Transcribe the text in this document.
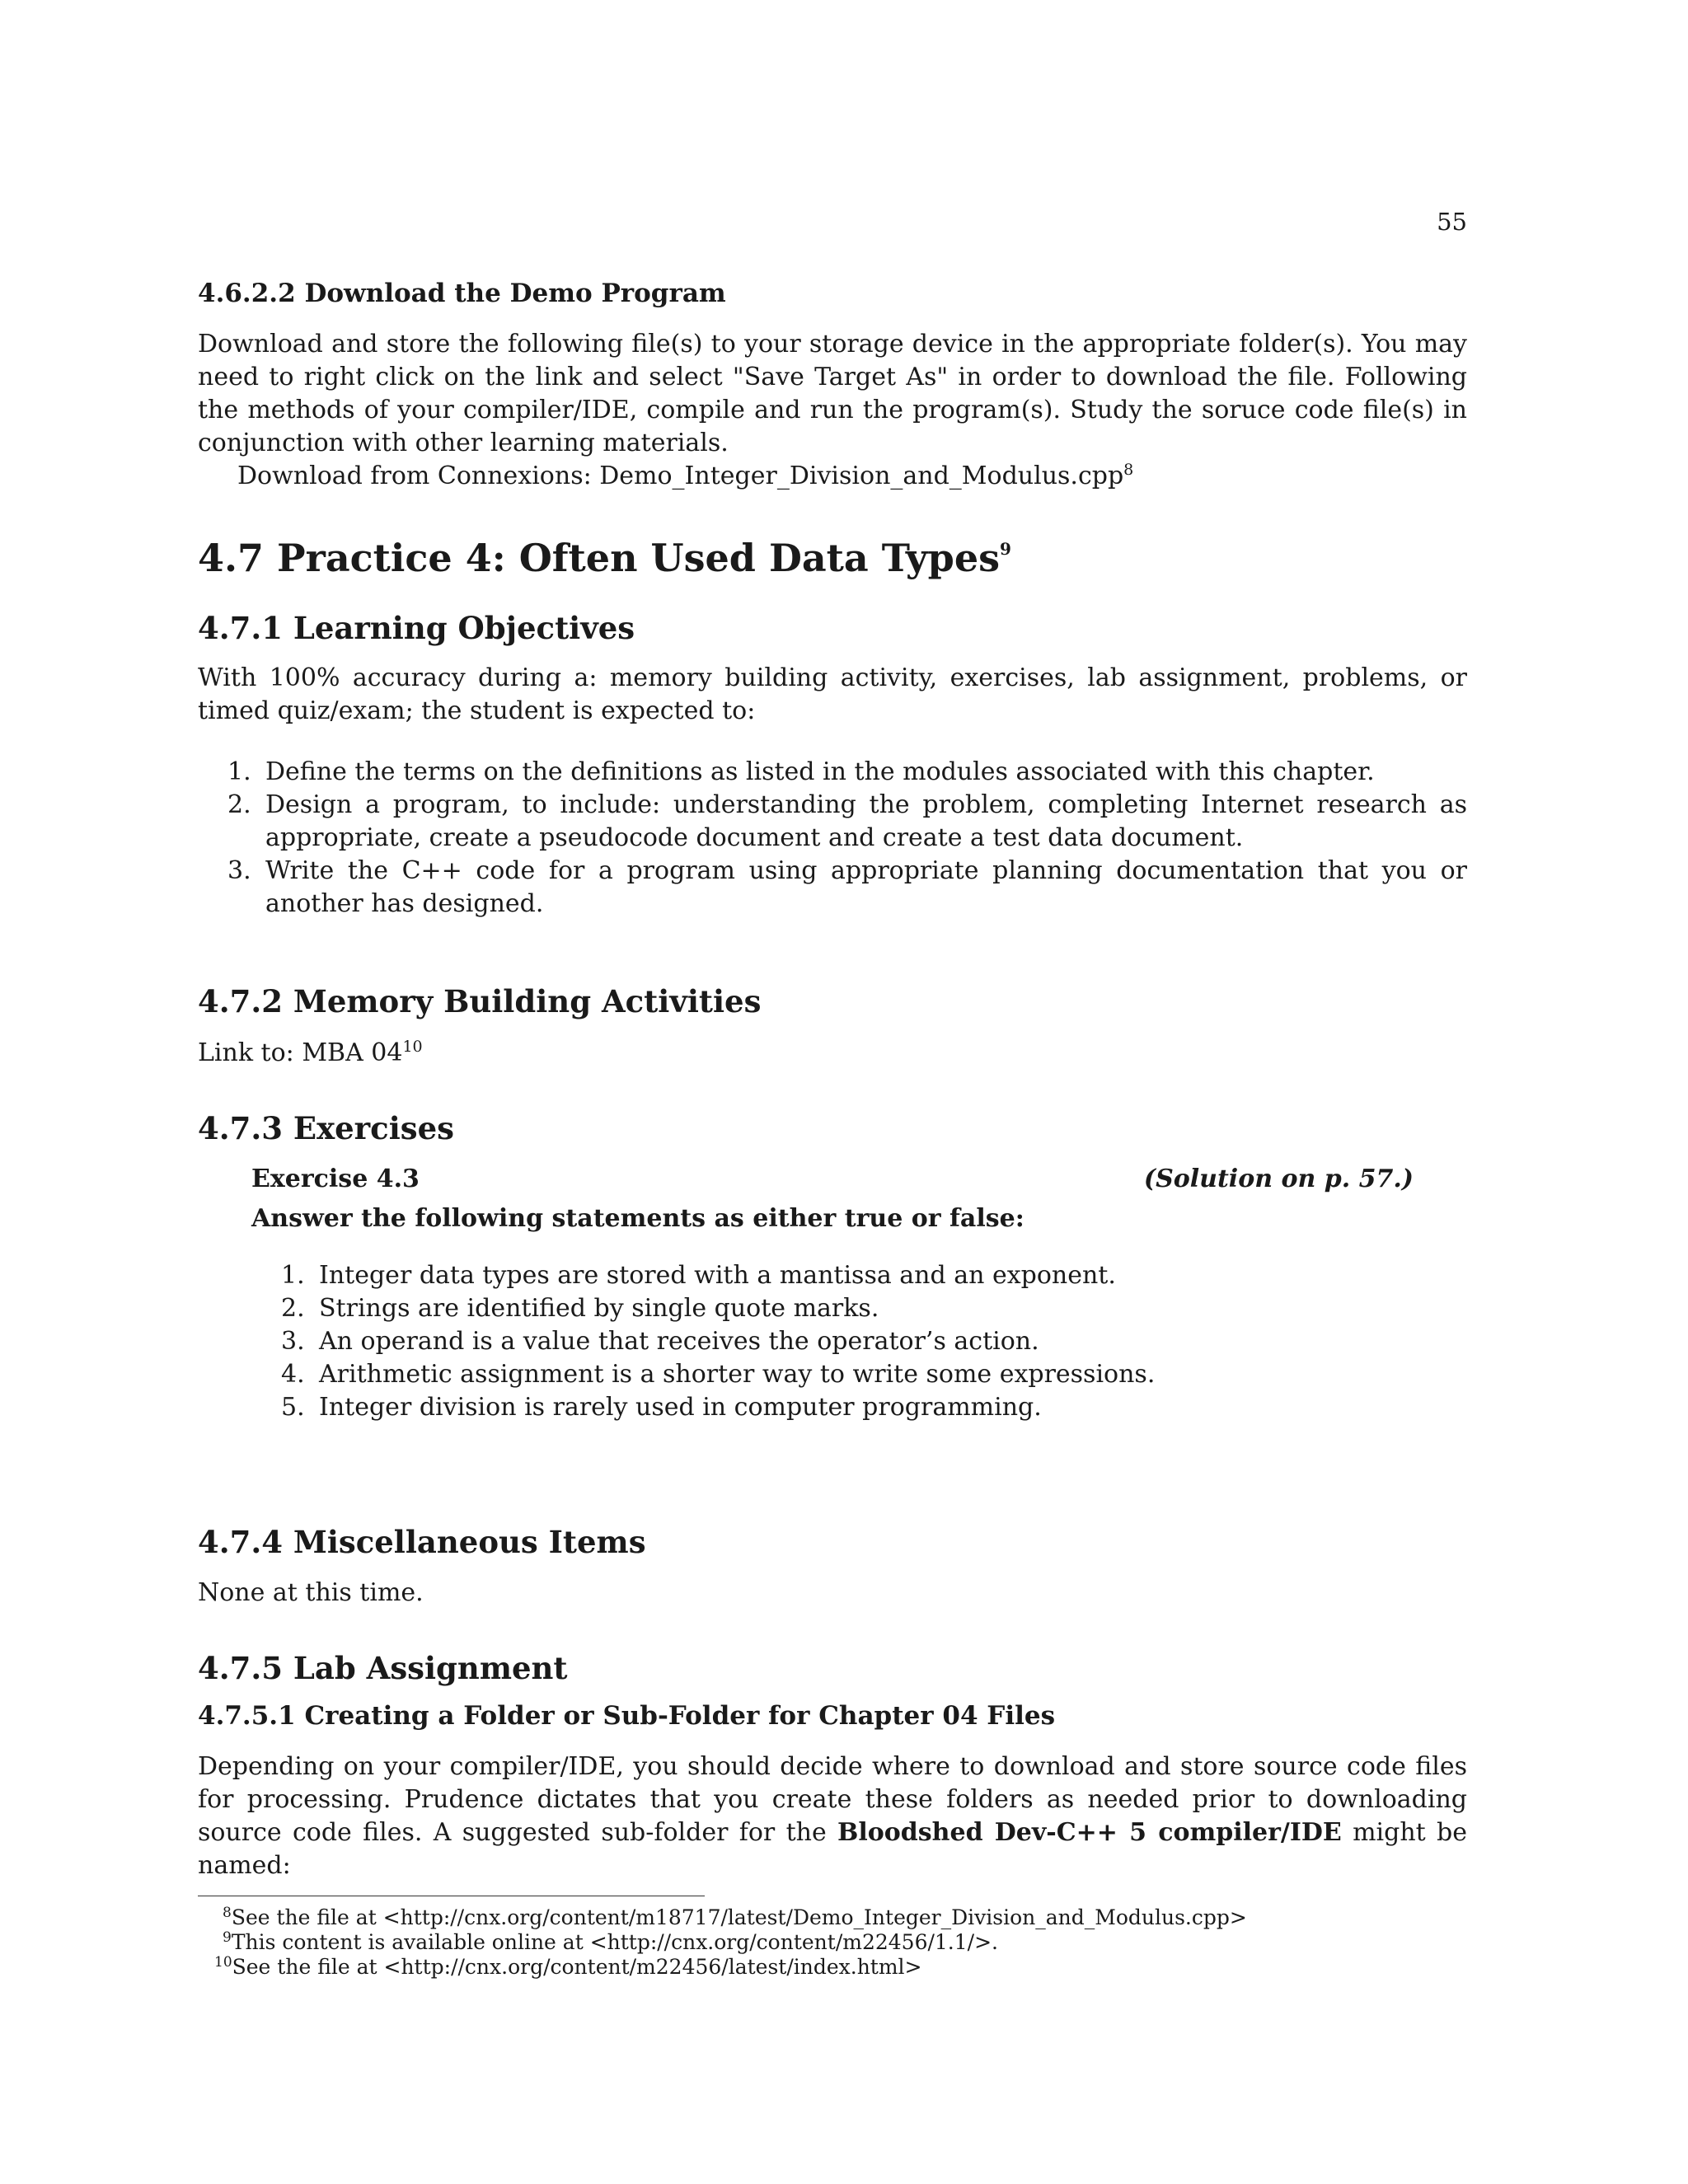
55
4.6.2.2 Download the Demo Program
Download and store the following file(s) to your storage device in the appropriate folder(s). You may need to right click on the link and select "Save Target As" in order to download the file. Following the methods of your compiler/IDE, compile and run the program(s). Study the soruce code file(s) in conjunction with other learning materials.
Download from Connexions: Demo_Integer_Division_and_Modulus.cpp$^8$
4.7 Practice 4: Often Used Data Types$^9$
4.7.1 Learning Objectives
With 100% accuracy during a: memory building activity, exercises, lab assignment, problems, or timed quiz/exam; the student is expected to:
1. Define the terms on the definitions as listed in the modules associated with this chapter.
2. Design a program, to include: understanding the problem, completing Internet research as appropriate, create a pseudocode document and create a test data document.
3. Write the C++ code for a program using appropriate planning documentation that you or another has designed.
4.7.2 Memory Building Activities
Link to: MBA $04^{10}$
4.7.3 Exercises
Exercise 4.3	(Solution on p. 57.)
Answer the following statements as either true or false:
1. Integer data types are stored with a mantissa and an exponent.
2. Strings are identified by single quote marks.
3. An operand is a value that receives the operator’s action.
4. Arithmetic assignment is a shorter way to write some expressions.
5. Integer division is rarely used in computer programming.
4.7.4 Miscellaneous Items
None at this time.
4.7.5 Lab Assignment
4.7.5.1 Creating a Folder or Sub-Folder for Chapter 04 Files
Depending on your compiler/IDE, you should decide where to download and store source code files for processing. Prudence dictates that you create these folders as needed prior to downloading source code files. A suggested sub-folder for the Bloodshed Dev-C++ 5 compiler/IDE might be named:
$^8$See the file at <http://cnx.org/content/m18717/latest/Demo_Integer_Division_and_Modulus.cpp>
$^9$This content is available online at <http://cnx.org/content/m22456/1.1/>.
$^{10}$See the file at <http://cnx.org/content/m22456/latest/index.html>
